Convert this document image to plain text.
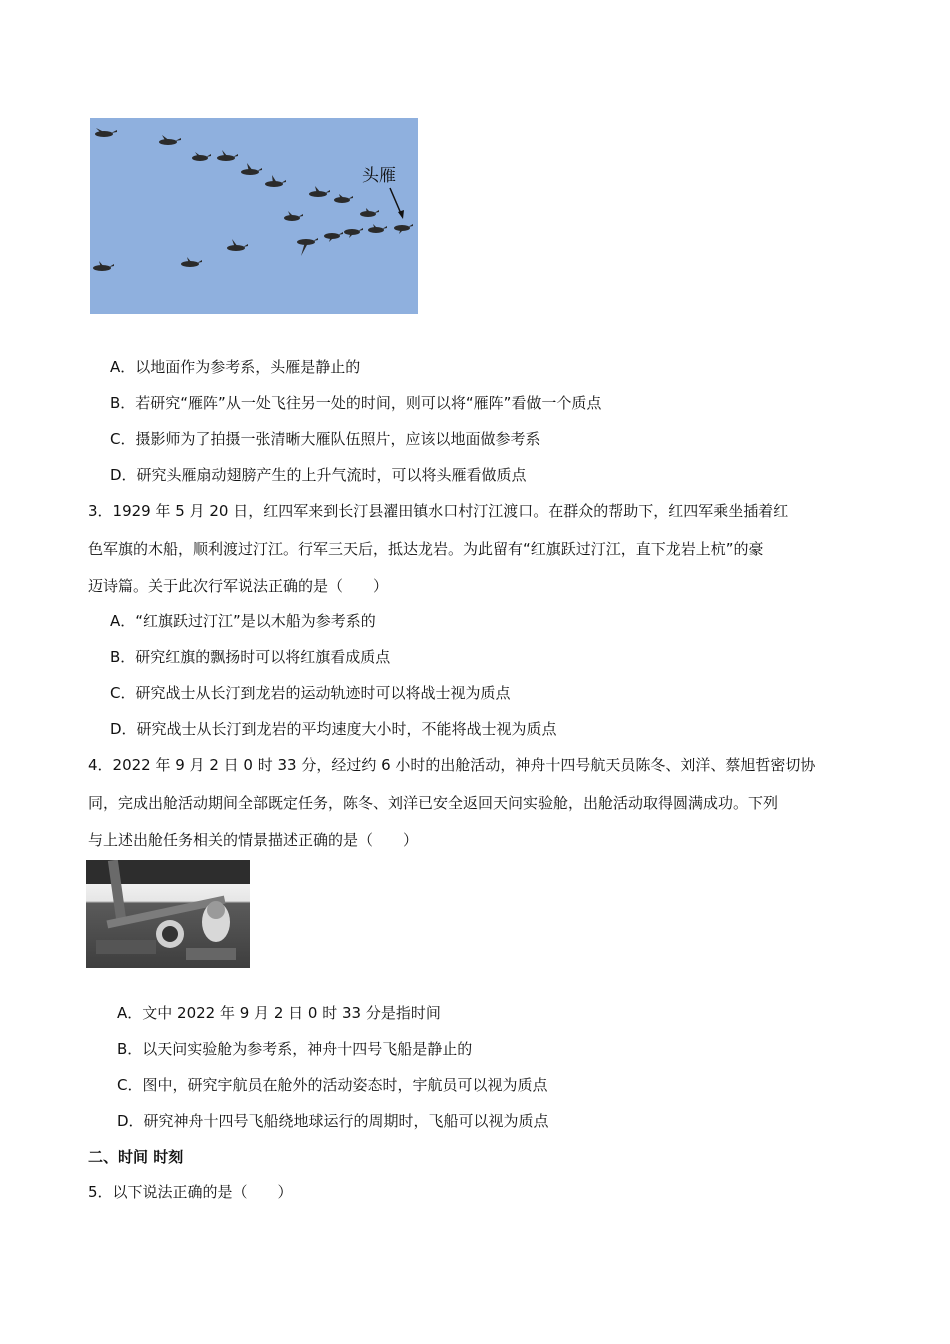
头雁
A．以地面作为参考系，头雁是静止的
B．若研究“雁阵”从一处飞往另一处的时间，则可以将“雁阵”看做一个质点
C．摄影师为了拍摄一张清晰大雁队伍照片，应该以地面做参考系
D．研究头雁扇动翅膀产生的上升气流时，可以将头雁看做质点
3．1929 年 5 月 20 日，红四军来到长汀县濯田镇水口村汀江渡口。在群众的帮助下，红四军乘坐插着红
色军旗的木船，顺利渡过汀江。行军三天后，抵达龙岩。为此留有“红旗跃过汀江，直下龙岩上杭”的豪
迈诗篇。关于此次行军说法正确的是（　　）
A．“红旗跃过汀江”是以木船为参考系的
B．研究红旗的飘扬时可以将红旗看成质点
C．研究战士从长汀到龙岩的运动轨迹时可以将战士视为质点
D．研究战士从长汀到龙岩的平均速度大小时，不能将战士视为质点
4．2022 年 9 月 2 日 0 时 33 分，经过约 6 小时的出舱活动，神舟十四号航天员陈冬、刘洋、蔡旭哲密切协
同，完成出舱活动期间全部既定任务，陈冬、刘洋已安全返回天问实验舱，出舱活动取得圆满成功。下列
与上述出舱任务相关的情景描述正确的是（　　）
A．文中 2022 年 9 月 2 日 0 时 33 分是指时间
B．以天问实验舱为参考系，神舟十四号飞船是静止的
C．图中，研究宇航员在舱外的活动姿态时，宇航员可以视为质点
D．研究神舟十四号飞船绕地球运行的周期时，飞船可以视为质点
二、时间 时刻
5．以下说法正确的是（　　）
